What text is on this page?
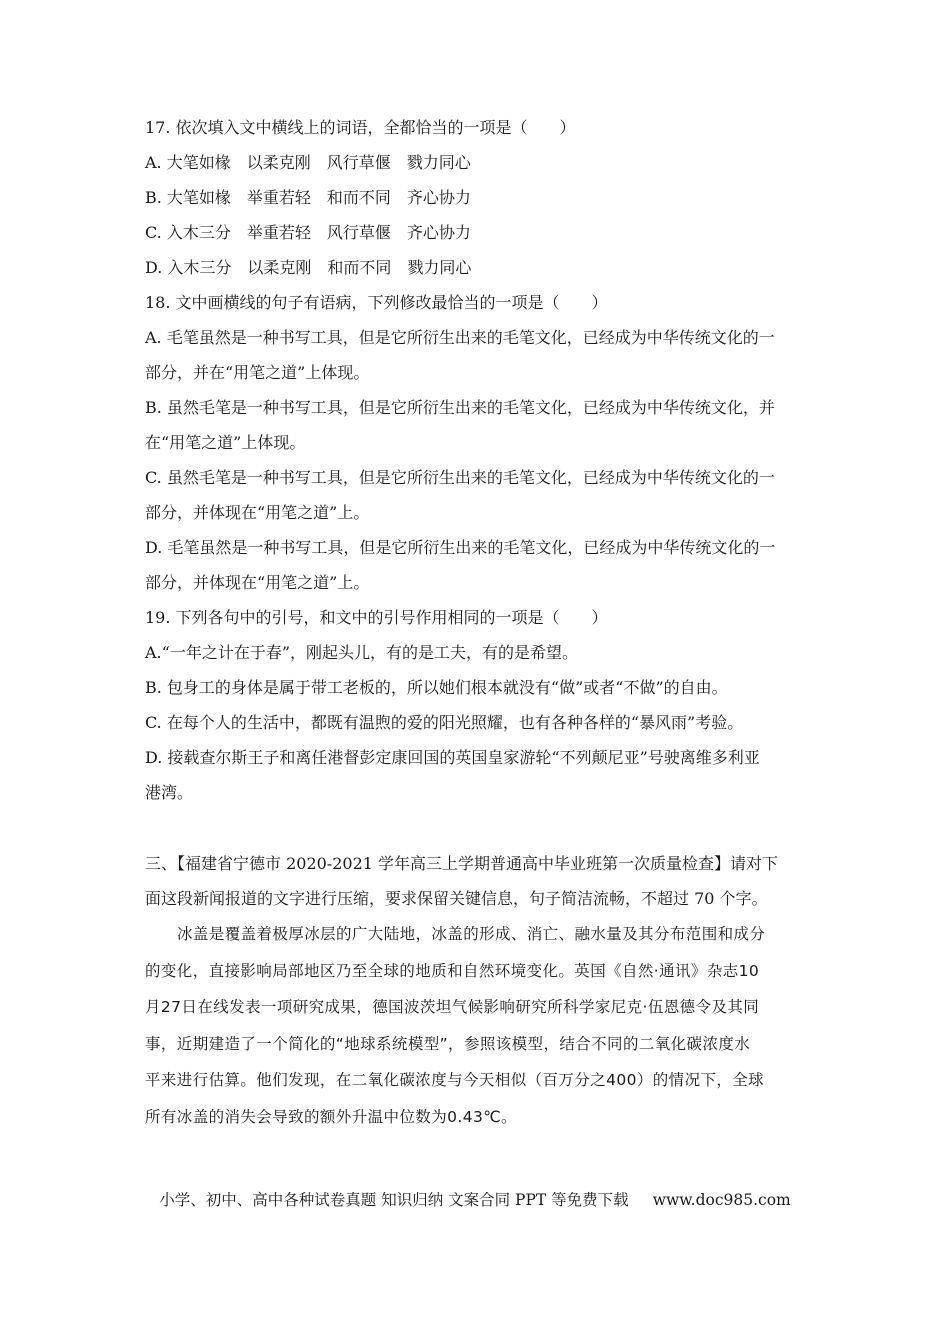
17. 依次填入文中横线上的词语，全都恰当的一项是（　　）
A. 大笔如椽　以柔克刚　风行草偃　戮力同心
B. 大笔如椽　举重若轻　和而不同　齐心协力
C. 入木三分　举重若轻　风行草偃　齐心协力
D. 入木三分　以柔克刚　和而不同　戮力同心
18. 文中画横线的句子有语病，下列修改最恰当的一项是（　　）
A. 毛笔虽然是一种书写工具，但是它所衍生出来的毛笔文化，已经成为中华传统文化的一
部分，并在“用笔之道”上体现。
B. 虽然毛笔是一种书写工具，但是它所衍生出来的毛笔文化，已经成为中华传统文化，并
在“用笔之道”上体现。
C. 虽然毛笔是一种书写工具，但是它所衍生出来的毛笔文化，已经成为中华传统文化的一
部分，并体现在“用笔之道”上。
D. 毛笔虽然是一种书写工具，但是它所衍生出来的毛笔文化，已经成为中华传统文化的一
部分，并体现在“用笔之道”上。
19. 下列各句中的引号，和文中的引号作用相同的一项是（　　）
A.“一年之计在于春”，刚起头儿，有的是工夫，有的是希望。
B. 包身工的身体是属于带工老板的，所以她们根本就没有“做”或者“不做”的自由。
C. 在每个人的生活中，都既有温煦的爱的阳光照耀，也有各种各样的“暴风雨”考验。
D. 接载查尔斯王子和离任港督彭定康回国的英国皇家游轮“不列颠尼亚”号驶离维多利亚
港湾。
三、【福建省宁德市 2020-2021 学年高三上学期普通高中毕业班第一次质量检查】请对下
面这段新闻报道的文字进行压缩，要求保留关键信息，句子简洁流畅，不超过 70 个字。
冰盖是覆盖着极厚冰层的广大陆地，冰盖的形成、消亡、融水量及其分布范围和成分
的变化，直接影响局部地区乃至全球的地质和自然环境变化。英国《自然·通讯》杂志10
月27日在线发表一项研究成果，德国波茨坦气候影响研究所科学家尼克·伍恩德令及其同
事，近期建造了一个简化的“地球系统模型”，参照该模型，结合不同的二氧化碳浓度水
平来进行估算。他们发现，在二氧化碳浓度与今天相似（百万分之400）的情况下，全球
所有冰盖的消失会导致的额外升温中位数为0.43℃。
小学、初中、高中各种试卷真题 知识归纳 文案合同 PPT 等免费下载 www.doc985.com
